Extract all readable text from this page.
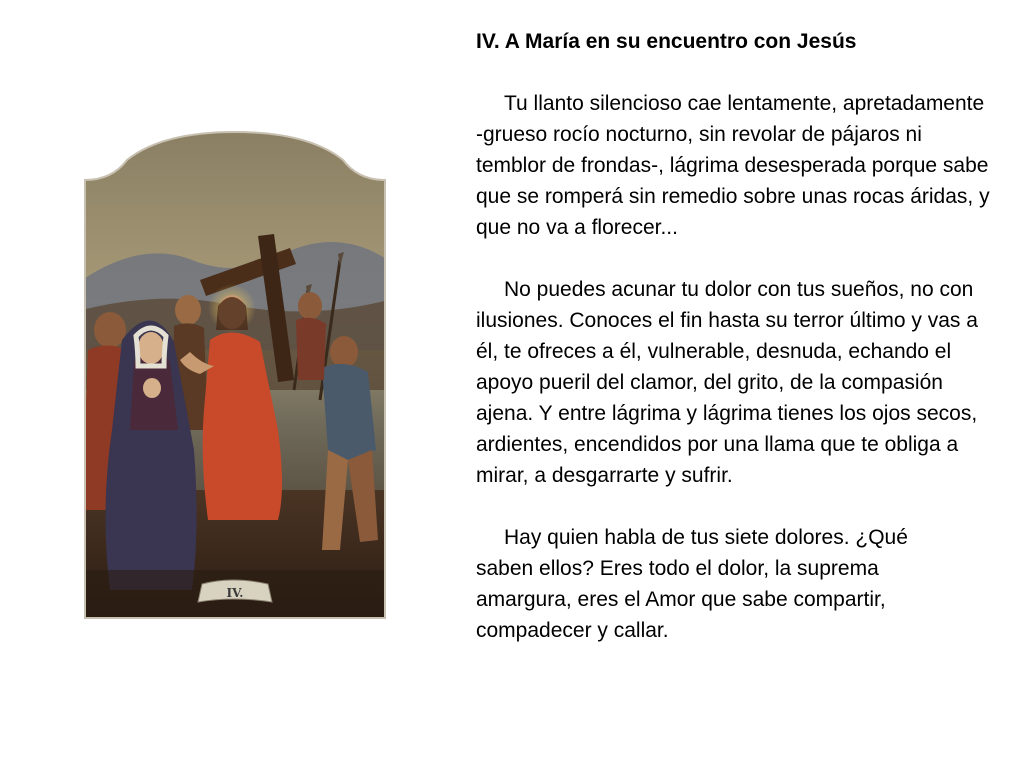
IV.
IV. A María en su encuentro con Jesús

Tu llanto silencioso cae lentamente, apretadamente -grueso rocío nocturno, sin revolar de pájaros ni temblor de frondas-, lágrima desesperada porque sabe que se romperá sin remedio sobre unas rocas áridas, y que no va a florecer...

No puedes acunar tu dolor con tus sueños, no con ilusiones. Conoces el fin hasta su terror último y vas a él, te ofreces a él, vulnerable, desnuda, echando el apoyo pueril del clamor, del grito, de la compasión ajena. Y entre lágrima y lágrima tienes los ojos secos, ardientes, encendidos por una llama que te obliga a mirar, a desgarrarte y sufrir.

Hay quien habla de tus siete dolores. ¿Qué saben ellos? Eres todo el dolor, la suprema amargura, eres el Amor que sabe compartir, compadecer y callar.
